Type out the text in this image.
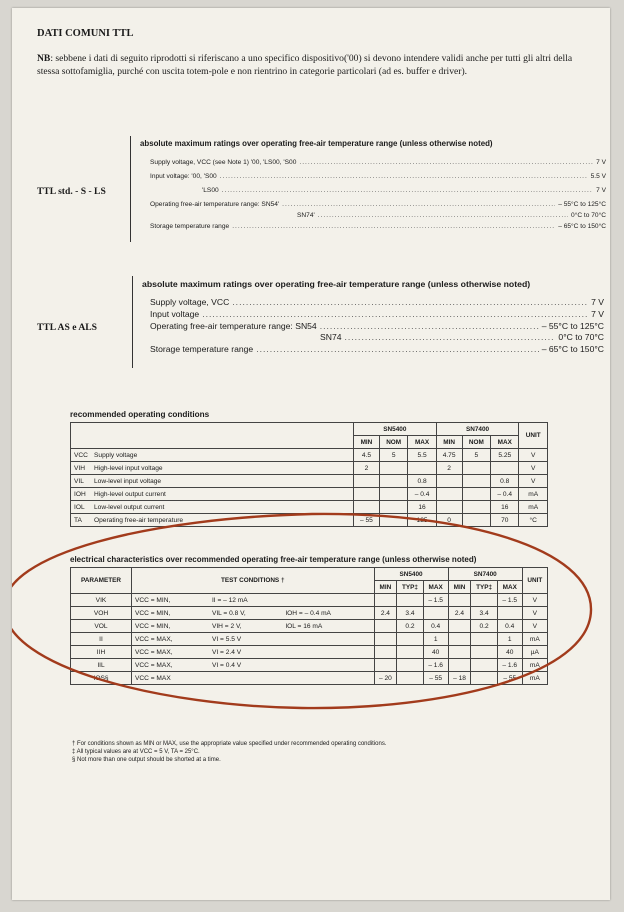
DATI COMUNI TTL
NB: sebbene i dati di seguito riprodotti si riferiscano a uno specifico dispositivo('00) si devono intendere validi anche per tutti gli altri della stessa sottofamiglia, purché con uscita totem-pole e non rientrino in categorie particolari (ad es. buffer e driver).
TTL std. - S - LS
absolute maximum ratings over operating free-air temperature range (unless otherwise noted)
Supply voltage, VCC (see Note 1) '00, 'LS00, 'S00 .....	7 V
Input voltage: '00, 'S00 .....	5.5 V
'LS00 .....	7 V
Operating free-air temperature range: SN54' .....	– 55°C to 125°C
SN74' .....	0°C to 70°C
Storage temperature range .....	– 65°C to 150°C
TTL AS e ALS
absolute maximum ratings over operating free-air temperature range (unless otherwise noted)
Supply voltage, VCC .....	7 V
Input voltage .....	7 V
Operating free-air temperature range: SN54 .....	– 55°C to 125°C
SN74 .....	0°C to 70°C
Storage temperature range .....	– 65°C to 150°C
recommended operating conditions
		SN5400			SN7400			UNIT
		MIN	NOM	MAX	MIN	NOM	MAX	
VCC	Supply voltage	4.5	5	5.5	4.75	5	5.25	V
VIH	High-level input voltage	2			2			V
VIL	Low-level input voltage			0.8			0.8	V
IOH	High-level output current			– 0.4			– 0.4	mA
IOL	Low-level output current			16			16	mA
TA	Operating free-air temperature	– 55		125	0		70	°C
electrical characteristics over recommended operating free-air temperature range (unless otherwise noted)
PARAMETER	TEST CONDITIONS †			SN5400			SN7400			UNIT
				MIN	TYP‡	MAX	MIN	TYP‡	MAX	
VIK	VCC = MIN,	II = – 12 mA				– 1.5			– 1.5	V
VOH	VCC = MIN,	VIL = 0.8 V,	IOH = – 0.4 mA	2.4	3.4		2.4	3.4		V
VOL	VCC = MIN,	VIH = 2 V,	IOL = 16 mA		0.2	0.4		0.2	0.4	V
II	VCC = MAX,	VI = 5.5 V				1			1	mA
IIH	VCC = MAX,	VI = 2.4 V				40			40	µA
IIL	VCC = MAX,	VI = 0.4 V				– 1.6			– 1.6	mA
IOS§	VCC = MAX			– 20		– 55	– 18		– 55	mA
† For conditions shown as MIN or MAX, use the appropriate value specified under recommended operating conditions.
‡ All typical values are at VCC = 5 V, TA = 25°C.
§ Not more than one output should be shorted at a time.
